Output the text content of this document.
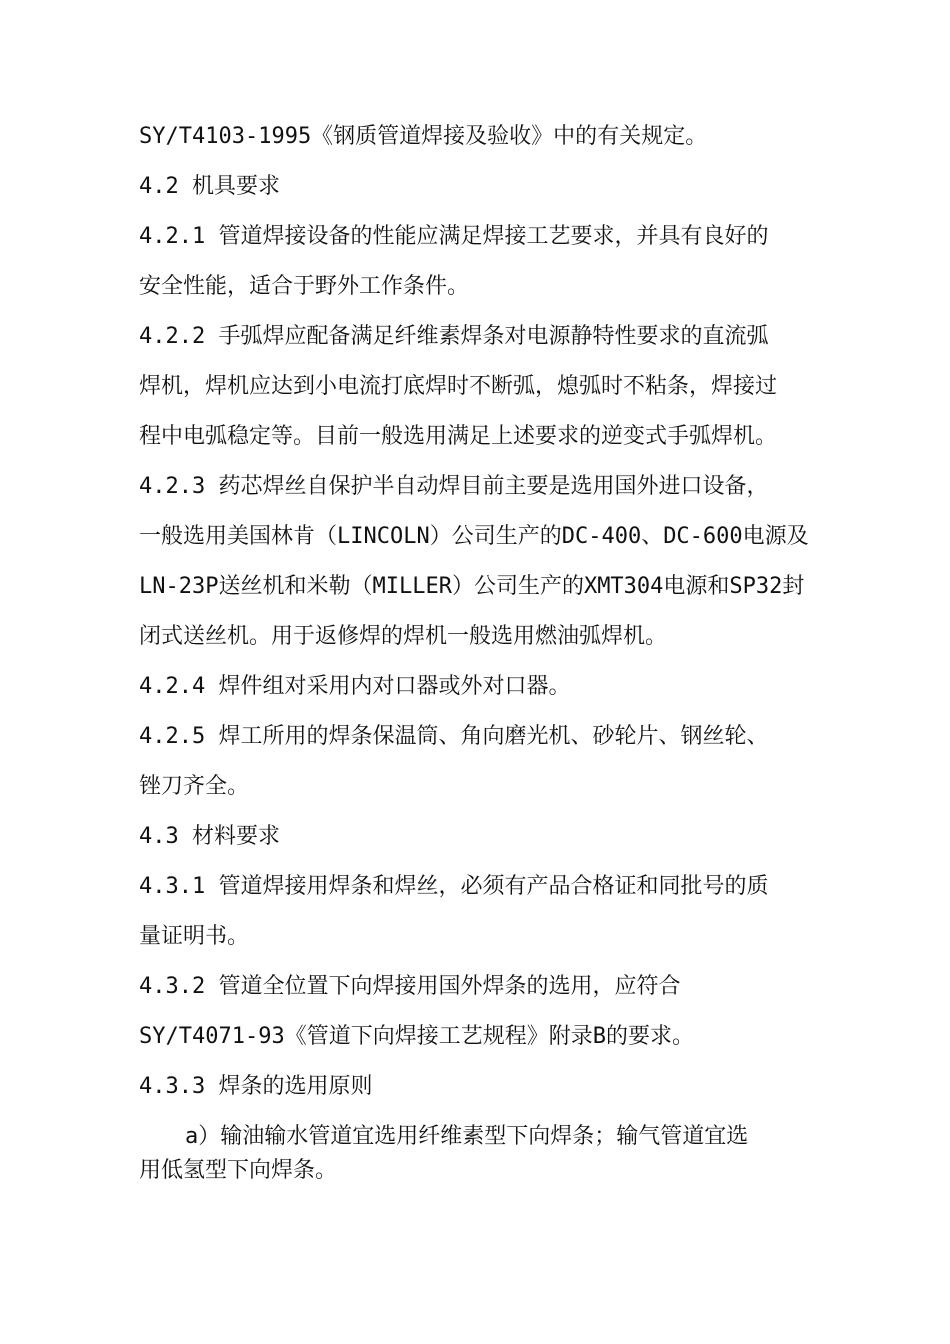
SY/T4103-1995《钢质管道焊接及验收》中的有关规定。
4.2 机具要求
4.2.1 管道焊接设备的性能应满足焊接工艺要求，并具有良好的
安全性能，适合于野外工作条件。
4.2.2 手弧焊应配备满足纤维素焊条对电源静特性要求的直流弧
焊机，焊机应达到小电流打底焊时不断弧，熄弧时不粘条，焊接过
程中电弧稳定等。目前一般选用满足上述要求的逆变式手弧焊机。
4.2.3 药芯焊丝自保护半自动焊目前主要是选用国外进口设备，
一般选用美国林肯（LINCOLN）公司生产的DC-400、DC-600电源及
LN-23P送丝机和米勒（MILLER）公司生产的XMT304电源和SP32封
闭式送丝机。用于返修焊的焊机一般选用燃油弧焊机。
4.2.4 焊件组对采用内对口器或外对口器。
4.2.5 焊工所用的焊条保温筒、角向磨光机、砂轮片、钢丝轮、
锉刀齐全。
4.3 材料要求
4.3.1 管道焊接用焊条和焊丝，必须有产品合格证和同批号的质
量证明书。
4.3.2 管道全位置下向焊接用国外焊条的选用，应符合
SY/T4071-93《管道下向焊接工艺规程》附录B的要求。
4.3.3 焊条的选用原则
a）输油输水管道宜选用纤维素型下向焊条；输气管道宜选
用低氢型下向焊条。
